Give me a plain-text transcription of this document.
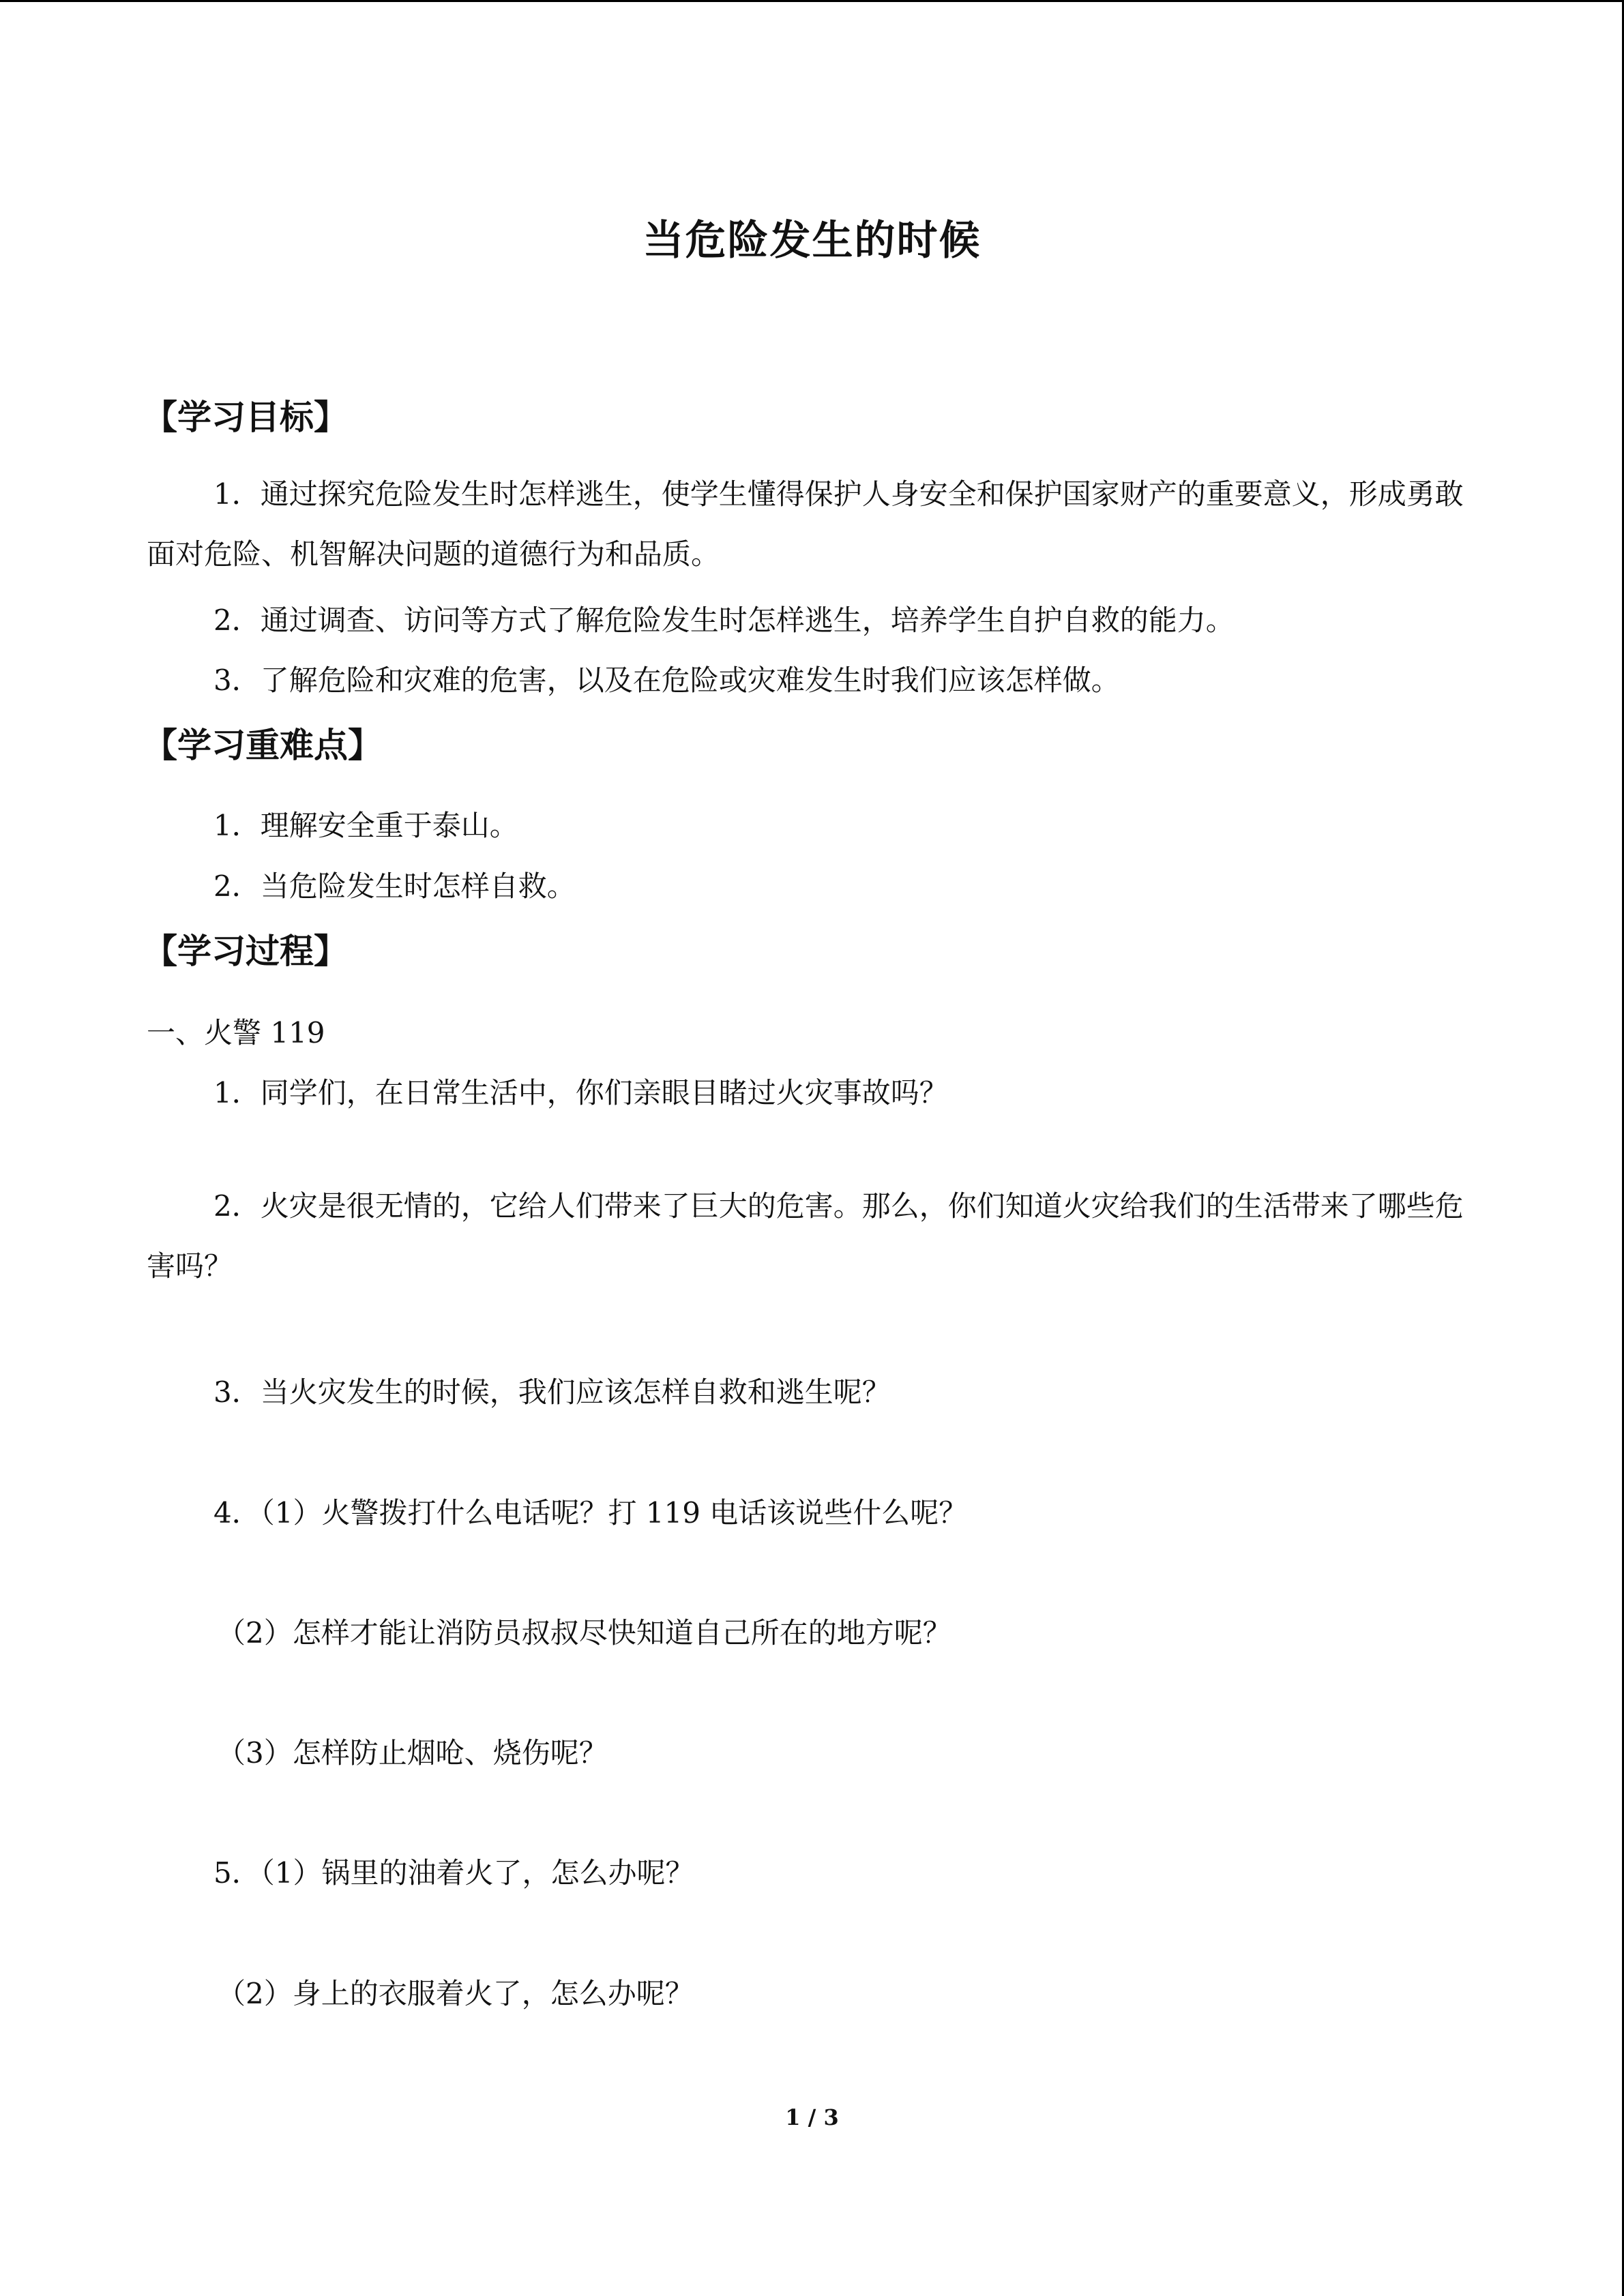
当危险发生的时候
【学习目标】

1．通过探究危险发生时怎样逃生，使学生懂得保护人身安全和保护国家财产的重要意义，形成勇敢面对危险、机智解决问题的道德行为和品质。

2．通过调查、访问等方式了解危险发生时怎样逃生，培养学生自护自救的能力。

3．了解危险和灾难的危害，以及在危险或灾难发生时我们应该怎样做。

【学习重难点】

1．理解安全重于泰山。

2．当危险发生时怎样自救。

【学习过程】

一、火警 119

1．同学们，在日常生活中，你们亲眼目睹过火灾事故吗？

2．火灾是很无情的，它给人们带来了巨大的危害。那么，你们知道火灾给我们的生活带来了哪些危害吗？

3．当火灾发生的时候，我们应该怎样自救和逃生呢？

4．（1）火警拨打什么电话呢？打 119 电话该说些什么呢？

（2）怎样才能让消防员叔叔尽快知道自己所在的地方呢？

（3）怎样防止烟呛、烧伤呢？

5．（1）锅里的油着火了，怎么办呢？

（2）身上的衣服着火了，怎么办呢？

1 / 3
